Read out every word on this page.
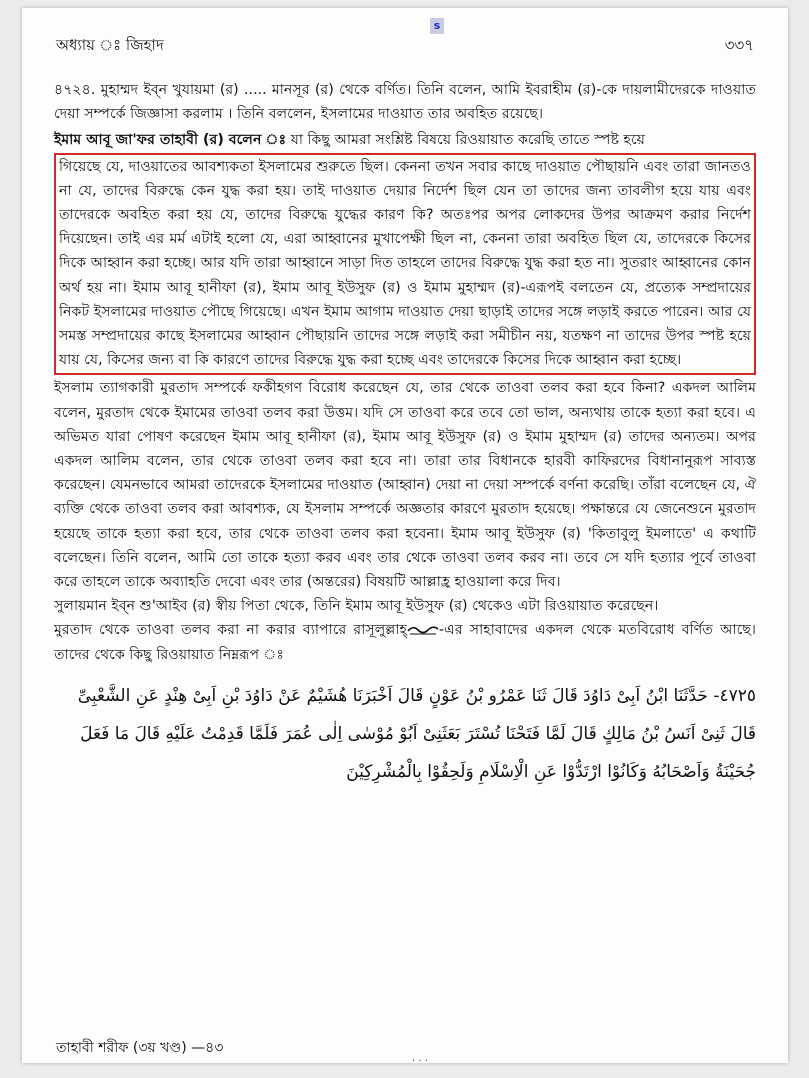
s
অধ্যায় ঃ জিহাদ	৩৩৭

৪৭২৪. মুহাম্মদ ইব্ন খুযায়মা (র) ..... মানসূর (র) থেকে বর্ণিত। তিনি বলেন, আমি ইবরাহীম (র)-কে দায়লামীদেরকে দাওয়াত দেয়া সম্পর্কে জিজ্ঞাসা করলাম । তিনি বললেন, ইসলামের দাওয়াত তার অবহিত রয়েছে।

ইমাম আবূ জা'ফর তাহাবী (র) বলেন ঃ যা কিছু আমরা সংশ্লিষ্ট বিষয়ে রিওয়ায়াত করেছি তাতে স্পষ্ট হয়ে

গিয়েছে যে, দাওয়াতের আবশ্যকতা ইসলামের শুরুতে ছিল। কেননা তখন সবার কাছে দাওয়াত পৌছায়নি এবং তারা জানতও না যে, তাদের বিরুদ্ধে কেন যুদ্ধ করা হয়। তাই দাওয়াত দেয়ার নির্দেশ ছিল যেন তা তাদের জন্য তাবলীগ হয়ে যায় এবং তাদেরকে অবহিত করা হয় যে, তাদের বিরুদ্ধে যুদ্ধের কারণ কি? অতঃপর অপর লোকদের উপর আক্রমণ করার নির্দেশ দিয়েছেন। তাই এর মর্ম এটাই হলো যে, এরা আহ্বানের মুখাপেক্ষী ছিল না, কেননা তারা অবহিত ছিল যে, তাদেরকে কিসের দিকে আহ্বান করা হচ্ছে। আর যদি তারা আহ্বানে সাড়া দিত তাহলে তাদের বিরুদ্ধে যুদ্ধ করা হত না। সুতরাং আহ্বানের কোন অর্থ হয় না। ইমাম আবূ হানীফা (র), ইমাম আবূ ইউসুফ (র) ও ইমাম মুহাম্মদ (র)-এরূপই বলতেন যে, প্রত্যেক সম্প্রদায়ের নিকট ইসলামের দাওয়াত পৌছে গিয়েছে। এখন ইমাম আগাম দাওয়াত দেয়া ছাড়াই তাদের সঙ্গে লড়াই করতে পারেন। আর যে সমস্ত সম্প্রদায়ের কাছে ইসলামের আহ্বান পৌছায়নি তাদের সঙ্গে লড়াই করা সমীচীন নয়, যতক্ষণ না তাদের উপর স্পষ্ট হয়ে যায় যে, কিসের জন্য বা কি কারণে তাদের বিরুদ্ধে যুদ্ধ করা হচ্ছে এবং তাদেরকে কিসের দিকে আহ্বান করা হচ্ছে।

ইসলাম ত্যাগকারী মুরতাদ সম্পর্কে ফকীহগণ বিরোধ করেছেন যে, তার থেকে তাওবা তলব করা হবে কিনা? একদল আলিম বলেন, মুরতাদ থেকে ইমামের তাওবা তলব করা উত্তম। যদি সে তাওবা করে তবে তো ভাল, অন্যথায় তাকে হত্যা করা হবে। এ অভিমত যারা পোষণ করেছেন ইমাম আবূ হানীফা (র), ইমাম আবূ ইউসুফ (র) ও ইমাম মুহাম্মদ (র) তাদের অন্যতম। অপর একদল আলিম বলেন, তার থেকে তাওবা তলব করা হবে না। তারা তার বিধানকে হারবী কাফিরদের বিধানানুরূপ সাব্যস্ত করেছেন। যেমনভাবে আমরা তাদেরকে ইসলামের দাওয়াত (আহ্বান) দেয়া না দেয়া সম্পর্কে বর্ণনা করেছি। তাঁরা বলেছেন যে, ঐ ব্যক্তি থেকে তাওবা তলব করা আবশ্যক, যে ইসলাম সম্পর্কে অজ্ঞতার কারণে মুরতাদ হয়েছে। পক্ষান্তরে যে জেনেশুনে মুরতাদ হয়েছে তাকে হত্যা করা হবে, তার থেকে তাওবা তলব করা হবেনা। ইমাম আবূ ইউসুফ (র) 'কিতাবুলু ইমলাতে' এ কথাটি বলেছেন। তিনি বলেন, আমি তো তাকে হত্যা করব এবং তার থেকে তাওবা তলব করব না। তবে সে যদি হত্যার পূর্বে তাওবা করে তাহলে তাকে অব্যাহতি দেবো এবং তার (অন্তরের) বিষয়টি আল্লাহ্র হাওয়ালা করে দিব।

সুলায়মান ইব্ন শু'আইব (র) স্বীয় পিতা থেকে, তিনি ইমাম আবূ ইউসুফ (র) থেকেও এটা রিওয়ায়াত করেছেন।

মুরতাদ থেকে তাওবা তলব করা না করার ব্যাপারে রাসূলুল্লাহ্ -এর সাহাবাদের একদল থেকে মতবিরোধ বর্ণিত আছে। তাদের থেকে কিছু রিওয়ায়াত নিম্নরূপ ঃ

٤٧٢٥- حَدَّثَنَا ابْنُ اَبِىْ دَاوُدَ قَالَ ثَنَا عَمْرُو بْنُ عَوْنٍ قَالَ اَخْبَرَنَا هُشَيْمٌ عَنْ دَاوُدَ بْنِ اَبِىْ هِنْدٍ عَنِ الشَّعْبِىِّ قَالَ ثَنِىْ اَنَسُ بْنُ مَالِكٍ قَالَ لَمَّا فَتَحْنَا تُسْتَرَ بَعَثَنِىْ اَبُوْ مُوْسٰى اِلٰى عُمَرَ فَلَمَّا قَدِمْتُ عَلَيْهِ قَالَ مَا فَعَلَ جُحَيْنَةُ وَاَصْحَابُهُ وَكَانُوْا ارْتَدُّوْا عَنِ الْاِسْلَامِ وَلَحِقُوْا بِالْمُشْرِكِيْنَ

তাহাবী শরীফ (৩য় খণ্ড) —৪৩
· · ·
